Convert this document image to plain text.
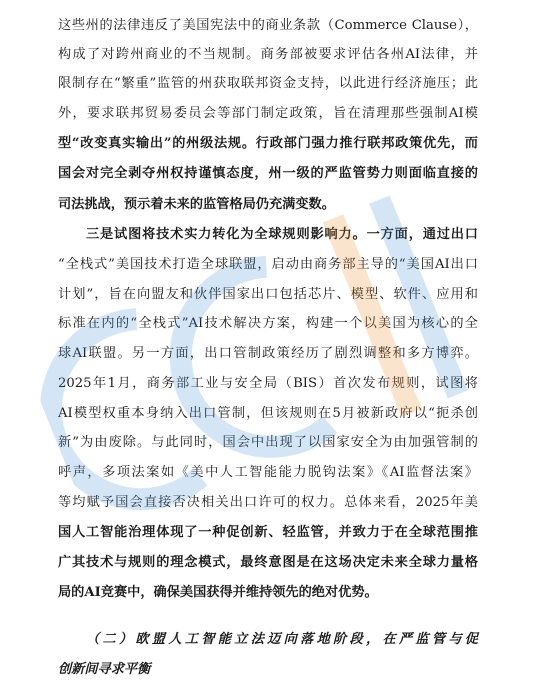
这些州的法律违反了美国宪法中的商业条款（Commerce Clause），
构成了对跨州商业的不当规制。商务部被要求评估各州AI法律，并
限制存在“繁重”监管的州获取联邦资金支持，以此进行经济施压；此
外，要求联邦贸易委员会等部门制定政策，旨在清理那些强制AI模
型“改变真实输出”的州级法规。行政部门强力推行联邦政策优先，而
国会对完全剥夺州权持谨慎态度，州一级的严监管势力则面临直接的
司法挑战，预示着未来的监管格局仍充满变数。
三是试图将技术实力转化为全球规则影响力。一方面，通过出口
“全栈式”美国技术打造全球联盟，启动由商务部主导的“美国AI出口
计划”，旨在向盟友和伙伴国家出口包括芯片、模型、软件、应用和
标准在内的“全栈式”AI技术解决方案，构建一个以美国为核心的全
球AI联盟。另一方面，出口管制政策经历了剧烈调整和多方博弈。
2025年1月，商务部工业与安全局（BIS）首次发布规则，试图将
AI模型权重本身纳入出口管制，但该规则在5月被新政府以“扼杀创
新”为由废除。与此同时，国会中出现了以国家安全为由加强管制的
呼声，多项法案如《美中人工智能能力脱钩法案》《AI监督法案》
等均赋予国会直接否决相关出口许可的权力。总体来看，2025年美
国人工智能治理体现了一种促创新、轻监管，并致力于在全球范围推
广其技术与规则的理念模式，最终意图是在这场决定未来全球力量格
局的AI竞赛中，确保美国获得并维持领先的绝对优势。
（二）欧盟人工智能立法迈向落地阶段，在严监管与促
创新间寻求平衡
